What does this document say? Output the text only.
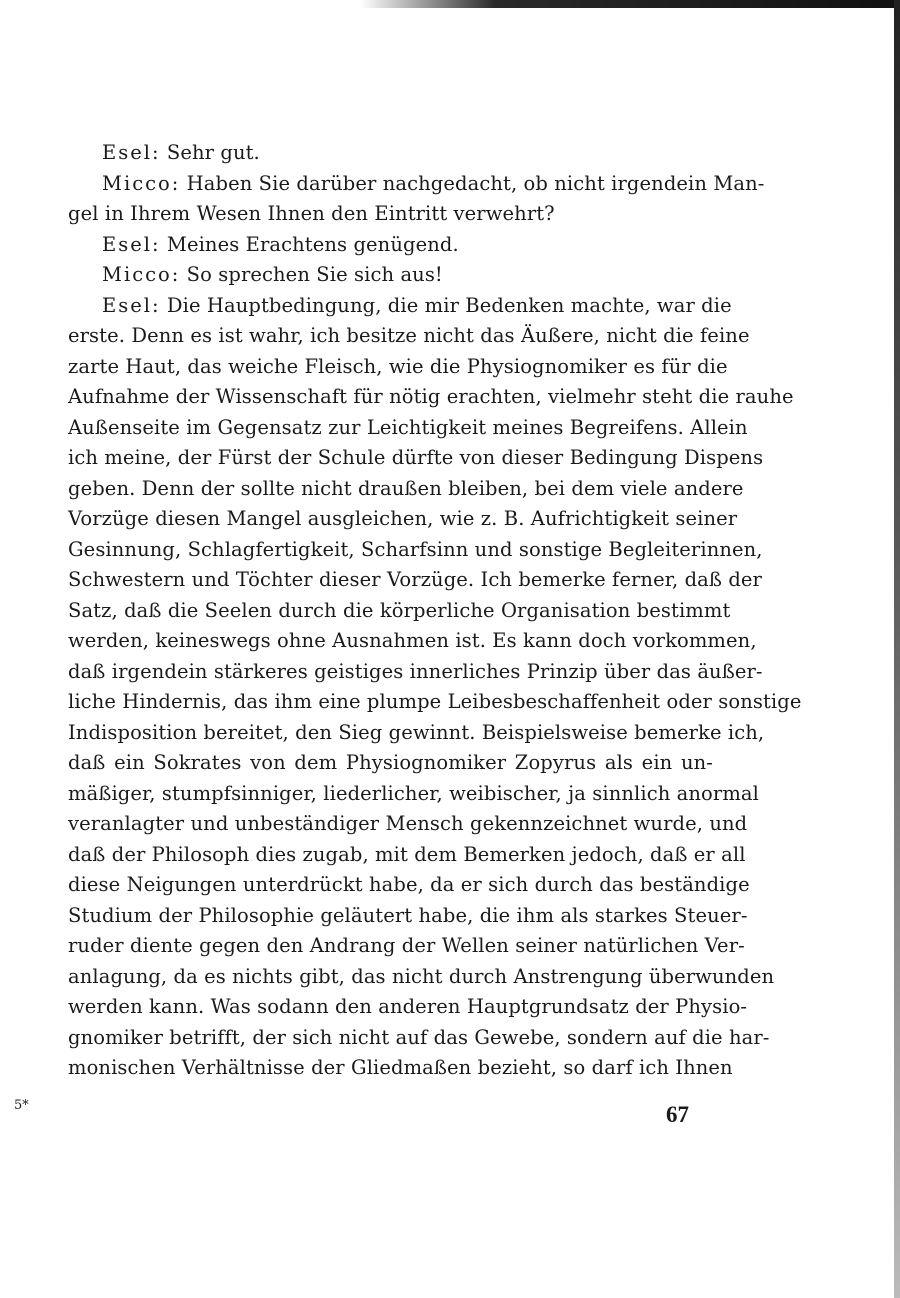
Esel: Sehr gut.
Micco: Haben Sie darüber nachgedacht, ob nicht irgendein Man-
gel in Ihrem Wesen Ihnen den Eintritt verwehrt?
Esel: Meines Erachtens genügend.
Micco: So sprechen Sie sich aus!
Esel: Die Hauptbedingung, die mir Bedenken machte, war die
erste. Denn es ist wahr, ich besitze nicht das Äußere, nicht die feine
zarte Haut, das weiche Fleisch, wie die Physiognomiker es für die
Aufnahme der Wissenschaft für nötig erachten, vielmehr steht die rauhe
Außenseite im Gegensatz zur Leichtigkeit meines Begreifens. Allein
ich meine, der Fürst der Schule dürfte von dieser Bedingung Dispens
geben. Denn der sollte nicht draußen bleiben, bei dem viele andere
Vorzüge diesen Mangel ausgleichen, wie z. B. Aufrichtigkeit seiner
Gesinnung, Schlagfertigkeit, Scharfsinn und sonstige Begleiterinnen,
Schwestern und Töchter dieser Vorzüge. Ich bemerke ferner, daß der
Satz, daß die Seelen durch die körperliche Organisation bestimmt
werden, keineswegs ohne Ausnahmen ist. Es kann doch vorkommen,
daß irgendein stärkeres geistiges innerliches Prinzip über das äußer-
liche Hindernis, das ihm eine plumpe Leibesbeschaffenheit oder sonstige
Indisposition bereitet, den Sieg gewinnt. Beispielsweise bemerke ich,
daß ein Sokrates von dem Physiognomiker Zopyrus als ein un-
mäßiger, stumpfsinniger, liederlicher, weibischer, ja sinnlich anormal
veranlagter und unbeständiger Mensch gekennzeichnet wurde, und
daß der Philosoph dies zugab, mit dem Bemerken jedoch, daß er all
diese Neigungen unterdrückt habe, da er sich durch das beständige
Studium der Philosophie geläutert habe, die ihm als starkes Steuer-
ruder diente gegen den Andrang der Wellen seiner natürlichen Ver-
anlagung, da es nichts gibt, das nicht durch Anstrengung überwunden
werden kann. Was sodann den anderen Hauptgrundsatz der Physio-
gnomiker betrifft, der sich nicht auf das Gewebe, sondern auf die har-
monischen Verhältnisse der Gliedmaßen bezieht, so darf ich Ihnen
5*	67
